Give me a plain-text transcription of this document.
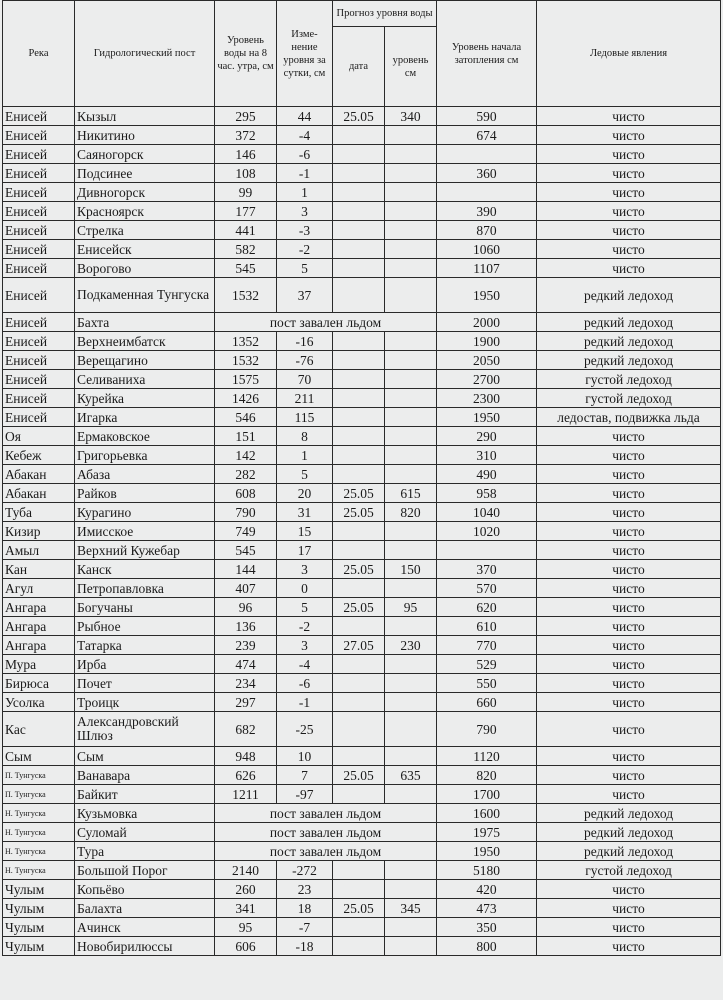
Река	Гидрологический пост	Уровень воды на 8 час. утра, см	Изме-нение уровня за сутки, см	Прогноз уровня воды		Уровень начала затопления см	Ледовые явления
				дата	уровень см		
Енисей	Кызыл	295	44	25.05	340	590	чисто
Енисей	Никитино	372	-4			674	чисто
Енисей	Саяногорск	146	-6				чисто
Енисей	Подсинее	108	-1			360	чисто
Енисей	Дивногорск	99	1				чисто
Енисей	Красноярск	177	3			390	чисто
Енисей	Стрелка	441	-3			870	чисто
Енисей	Енисейск	582	-2			1060	чисто
Енисей	Ворогово	545	5			1107	чисто
Енисей	Подкаменная Тунгуска	1532	37			1950	редкий ледоход
Енисей	Бахта	пост завален льдом				2000	редкий ледоход
Енисей	Верхнеимбатск	1352	-16			1900	редкий ледоход
Енисей	Верещагино	1532	-76			2050	редкий ледоход
Енисей	Селиваниха	1575	70			2700	густой ледоход
Енисей	Курейка	1426	211			2300	густой ледоход
Енисей	Игарка	546	115			1950	ледостав, подвижка льда
Оя	Ермаковское	151	8			290	чисто
Кебеж	Григорьевка	142	1			310	чисто
Абакан	Абаза	282	5			490	чисто
Абакан	Райков	608	20	25.05	615	958	чисто
Туба	Курагино	790	31	25.05	820	1040	чисто
Кизир	Имисское	749	15			1020	чисто
Амыл	Верхний Кужебар	545	17				чисто
Кан	Канск	144	3	25.05	150	370	чисто
Агул	Петропавловка	407	0			570	чисто
Ангара	Богучаны	96	5	25.05	95	620	чисто
Ангара	Рыбное	136	-2			610	чисто
Ангара	Татарка	239	3	27.05	230	770	чисто
Мура	Ирба	474	-4			529	чисто
Бирюса	Почет	234	-6			550	чисто
Усолка	Троицк	297	-1			660	чисто
Кас	Александровский Шлюз	682	-25			790	чисто
Сым	Сым	948	10			1120	чисто
П. Тунгуска	Ванавара	626	7	25.05	635	820	чисто
П. Тунгуска	Байкит	1211	-97			1700	чисто
Н. Тунгуска	Кузьмовка	пост завален льдом				1600	редкий ледоход
Н. Тунгуска	Суломай	пост завален льдом				1975	редкий ледоход
Н. Тунгуска	Тура	пост завален льдом				1950	редкий ледоход
Н. Тунгуска	Большой Порог	2140	-272			5180	густой ледоход
Чулым	Копьёво	260	23			420	чисто
Чулым	Балахта	341	18	25.05	345	473	чисто
Чулым	Ачинск	95	-7			350	чисто
Чулым	Новобирилюссы	606	-18			800	чисто
